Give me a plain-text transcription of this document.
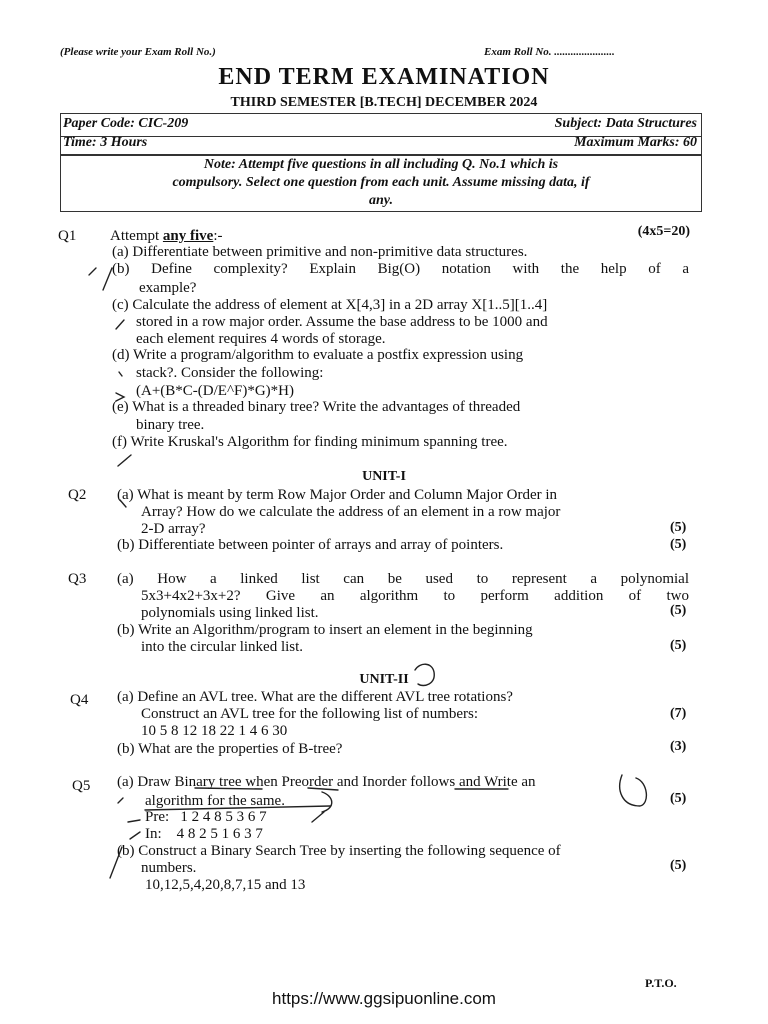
(Please write your Exam Roll No.)	Exam Roll No. ......................
END TERM EXAMINATION
THIRD SEMESTER [B.TECH] DECEMBER 2024
Paper Code: CIC-209	Subject: Data Structures
Time: 3 Hours	Maximum Marks: 60
Note: Attempt five questions in all including Q. No.1 which is
compulsory. Select one question from each unit. Assume missing data, if
any.
Q1 Attempt any five:-	(4x5=20)
(a) Differentiate between primitive and non-primitive data structures.
(b) Define complexity? Explain Big(O) notation with the help of a
example?
(c) Calculate the address of element at X[4,3] in a 2D array X[1..5][1..4]
stored in a row major order. Assume the base address to be 1000 and
each element requires 4 words of storage.
(d) Write a program/algorithm to evaluate a postfix expression using
stack?. Consider the following:
(A+(B*C-(D/E^F)*G)*H)
(e) What is a threaded binary tree? Write the advantages of threaded
binary tree.
(f) Write Kruskal's Algorithm for finding minimum spanning tree.
UNIT-I
Q2 (a) What is meant by term Row Major Order and Column Major Order in
Array? How do we calculate the address of an element in a row major
2-D array?	(5)
(b) Differentiate between pointer of arrays and array of pointers.	(5)
Q3 (a) How a linked list can be used to represent a polynomial
5x3+4x2+3x+2? Give an algorithm to perform addition of two
polynomials using linked list.	(5)
(b) Write an Algorithm/program to insert an element in the beginning
into the circular linked list.	(5)
UNIT-II
Q4 (a) Define an AVL tree. What are the different AVL tree rotations?
Construct an AVL tree for the following list of numbers:	(7)
10 5 8 12 18 22 1 4 6 30
(b) What are the properties of B-tree?	(3)
Q5 (a) Draw Binary tree when Preorder and Inorder follows and Write an
algorithm for the same.	(5)
Pre:   1 2 4 8 5 3 6 7
In:    4 8 2 5 1 6 3 7
(b) Construct a Binary Search Tree by inserting the following sequence of
numbers.	(5)
10,12,5,4,20,8,7,15 and 13
P.T.O.
https://www.ggsipuonline.com
